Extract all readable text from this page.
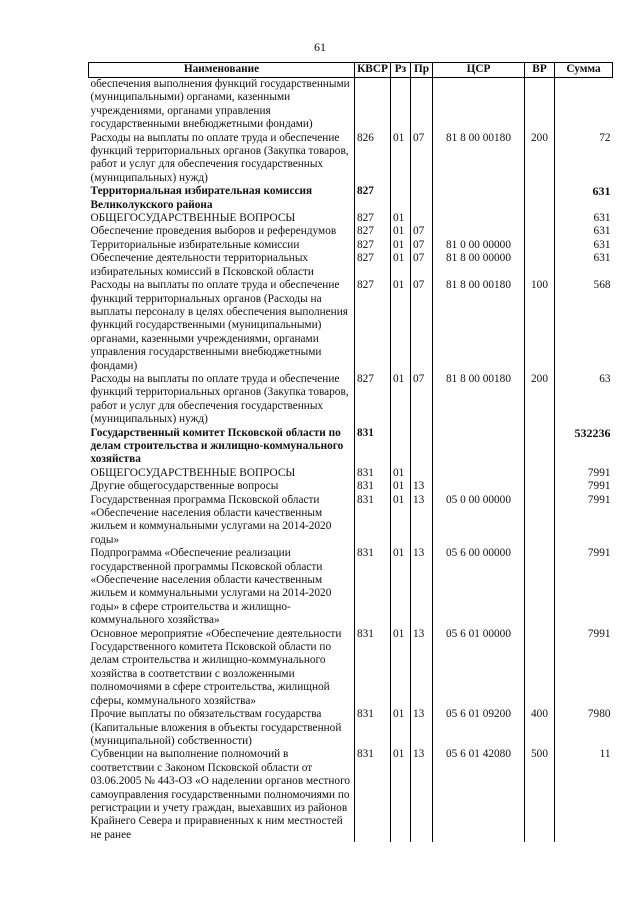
61
Наименование	КВСР	Рз	Пр	ЦСР	ВР	Сумма
обеспечения выполнения функций государственными (муниципальными) органами, казенными учреждениями, органами управления государственными внебюджетными фондами)						
Расходы на выплаты по оплате труда и обеспечение функций территориальных органов (Закупка товаров, работ и услуг для обеспечения государственных (муниципальных) нужд)	826	01	07	81 8 00 00180	200	72
Территориальная избирательная комиссия Великолукского района	827					631
ОБЩЕГОСУДАРСТВЕННЫЕ ВОПРОСЫ	827	01				631
Обеспечение проведения выборов и референдумов	827	01	07			631
Территориальные избирательные комиссии	827	01	07	81 0 00 00000		631
Обеспечение деятельности территориальных избирательных комиссий в Псковской области	827	01	07	81 8 00 00000		631
Расходы на выплаты по оплате труда и обеспечение функций территориальных органов (Расходы на выплаты персоналу в целях обеспечения выполнения функций государственными (муниципальными) органами, казенными учреждениями, органами управления государственными внебюджетными фондами)	827	01	07	81 8 00 00180	100	568
Расходы на выплаты по оплате труда и обеспечение функций территориальных органов (Закупка товаров, работ и услуг для обеспечения государственных (муниципальных) нужд)	827	01	07	81 8 00 00180	200	63
Государственный комитет Псковской области по делам строительства и жилищно-коммунального хозяйства	831					532236
ОБЩЕГОСУДАРСТВЕННЫЕ ВОПРОСЫ	831	01				7991
Другие общегосударственные вопросы	831	01	13			7991
Государственная программа Псковской области «Обеспечение населения области качественным жильем и коммунальными услугами на 2014-2020 годы»	831	01	13	05 0 00 00000		7991
Подпрограмма «Обеспечение реализации государственной программы Псковской области «Обеспечение населения области качественным жильем и коммунальными услугами на 2014-2020 годы» в сфере строительства и жилищно-коммунального хозяйства»	831	01	13	05 6 00 00000		7991
Основное мероприятие «Обеспечение деятельности Государственного комитета Псковской области по делам строительства и жилищно-коммунального хозяйства в соответствии с возложенными полномочиями в сфере строительства, жилищной сферы, коммунального хозяйства»	831	01	13	05 6 01 00000		7991
Прочие выплаты по обязательствам государства (Капитальные вложения в объекты государственной (муниципальной) собственности)	831	01	13	05 6 01 09200	400	7980
Субвенции на выполнение полномочий в соответствии с Законом Псковской области от 03.06.2005 № 443-ОЗ «О наделении органов местного самоуправления государственными полномочиями по регистрации и учету граждан, выехавших из районов Крайнего Севера и приравненных к ним местностей не ранее	831	01	13	05 6 01 42080	500	11
